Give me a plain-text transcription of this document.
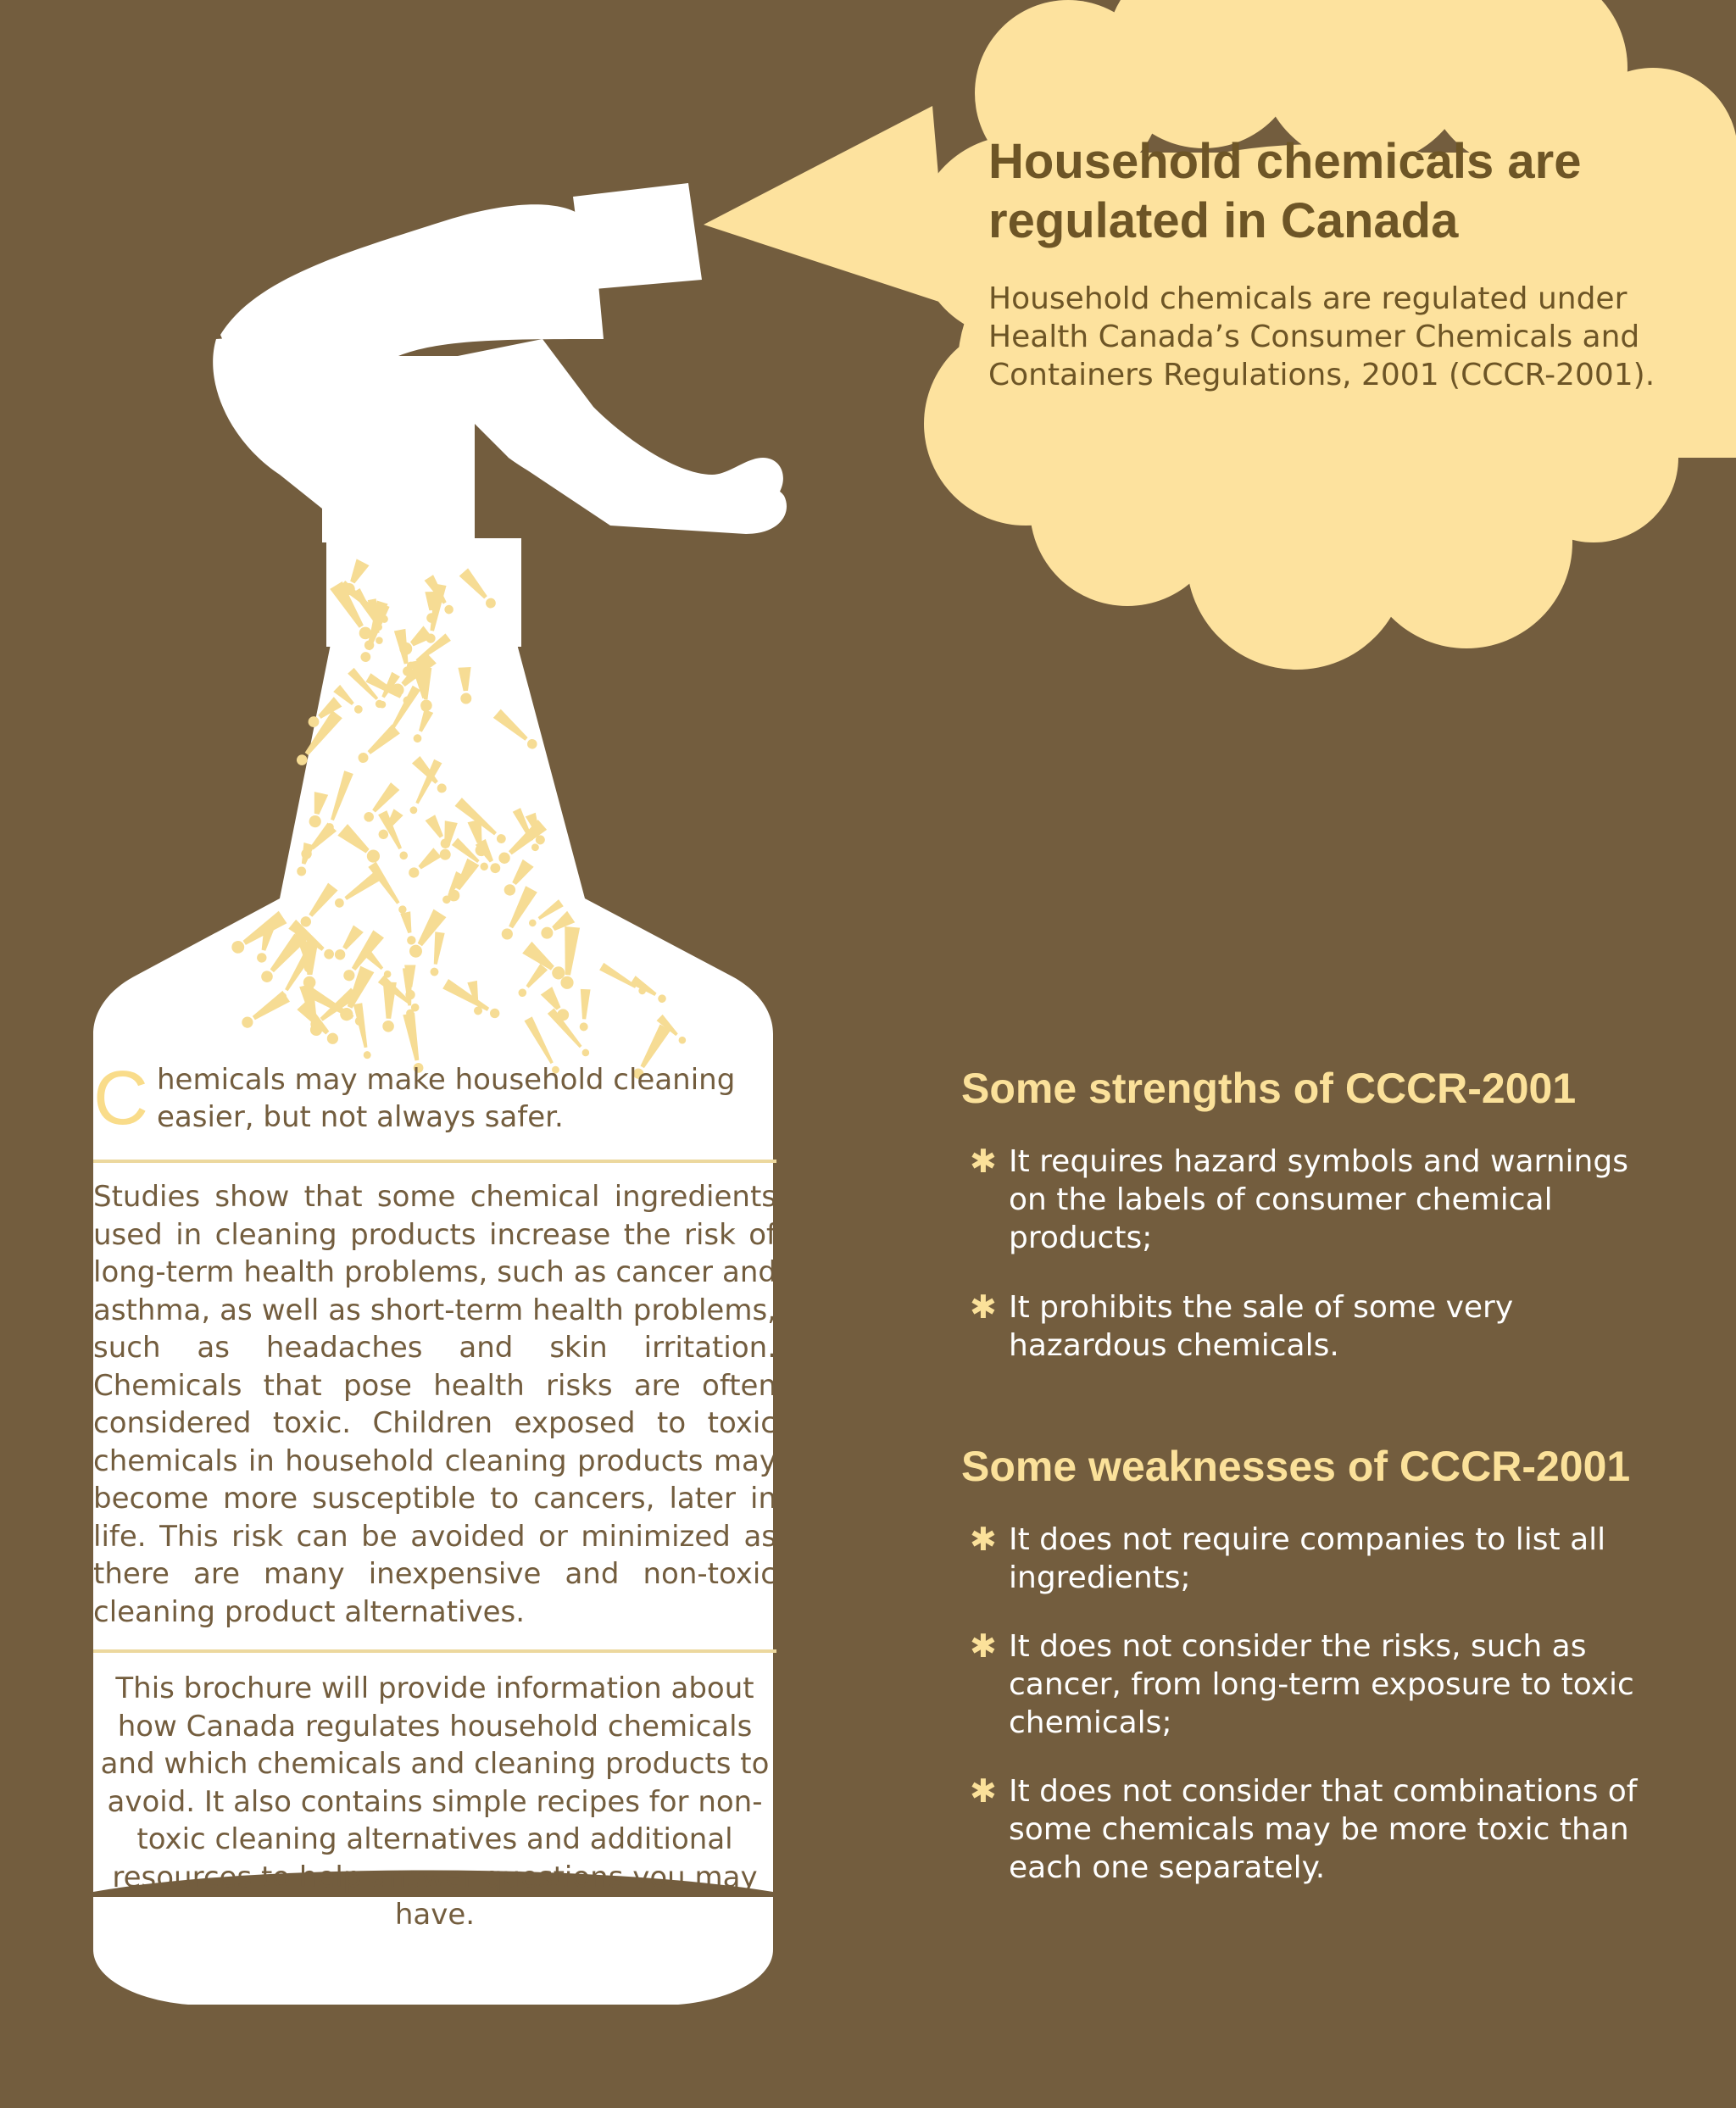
Household chemicals are regulated in Canada

Household chemicals are regulated under Health Canada’s Consumer Chemicals and Containers Regulations, 2001 (CCCR-2001).

Chemicals may make household cleaning easier, but not always safer.

Studies show that some chemical ingredients used in cleaning products increase the risk of long-term health problems, such as cancer and asthma, as well as short-term health problems, such as headaches and skin irritation. Chemicals that pose health risks are often considered toxic. Children exposed to toxic chemicals in household cleaning products may become more susceptible to cancers, later in life. This risk can be avoided or minimized as there are many inexpensive and non-toxic cleaning product alternatives.

This brochure will provide information about how Canada regulates household chemicals and which chemicals and cleaning products to avoid. It also contains simple recipes for non-toxic cleaning alternatives and additional resources to help answer questions you may have.

Some strengths of CCCR-2001
✱ It requires hazard symbols and warnings on the labels of consumer chemical products;

✱ It prohibits the sale of some very hazardous chemicals.

Some weaknesses of CCCR-2001
✱ It does not require companies to list all ingredients;

✱ It does not consider the risks, such as cancer, from long-term exposure to toxic chemicals;

✱ It does not consider that combinations of some chemicals may be more toxic than each one separately.
